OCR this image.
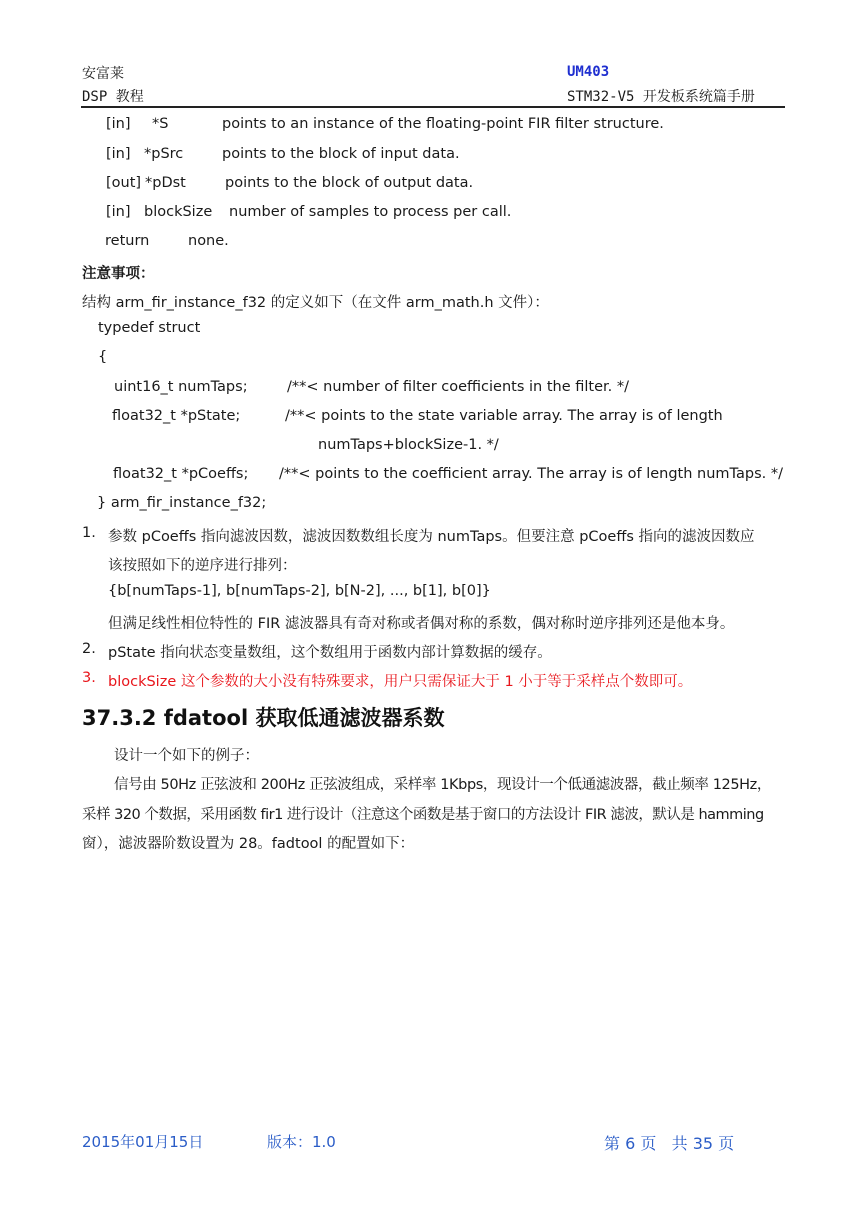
安富莱
DSP 教程
UM403
STM32-V5 开发板系统篇手册
[in] *S	points to an instance of the floating-point FIR filter structure.
[in] *pSrc	points to the block of input data.
[out] *pDst	points to the block of output data.
[in] blockSize number of samples to process per call.
return	none.
注意事项：
结构 arm_fir_instance_f32 的定义如下（在文件 arm_math.h 文件）：
typedef struct
{
uint16_t numTaps;	/**< number of filter coefficients in the filter. */
float32_t *pState;	/**< points to the state variable array. The array is of length
numTaps+blockSize-1. */
float32_t *pCoeffs; /**< points to the coefficient array. The array is of length numTaps. */
} arm_fir_instance_f32;
1. 参数 pCoeffs 指向滤波因数，滤波因数数组长度为 numTaps。但要注意 pCoeffs 指向的滤波因数应
该按照如下的逆序进行排列：
{b[numTaps-1], b[numTaps-2], b[N-2], ..., b[1], b[0]}
但满足线性相位特性的 FIR 滤波器具有奇对称或者偶对称的系数，偶对称时逆序排列还是他本身。
2. pState 指向状态变量数组，这个数组用于函数内部计算数据的缓存。
3. blockSize 这个参数的大小没有特殊要求，用户只需保证大于 1 小于等于采样点个数即可。
37.3.2 fdatool 获取低通滤波器系数
设计一个如下的例子：
信号由 50Hz 正弦波和 200Hz 正弦波组成，采样率 1Kbps，现设计一个低通滤波器，截止频率 125Hz，
采样 320 个数据，采用函数 fir1 进行设计（注意这个函数是基于窗口的方法设计 FIR 滤波，默认是 hamming
窗），滤波器阶数设置为 28。fadtool 的配置如下：
2015年01月15日	版本：1.0	第 6 页   共 35 页
